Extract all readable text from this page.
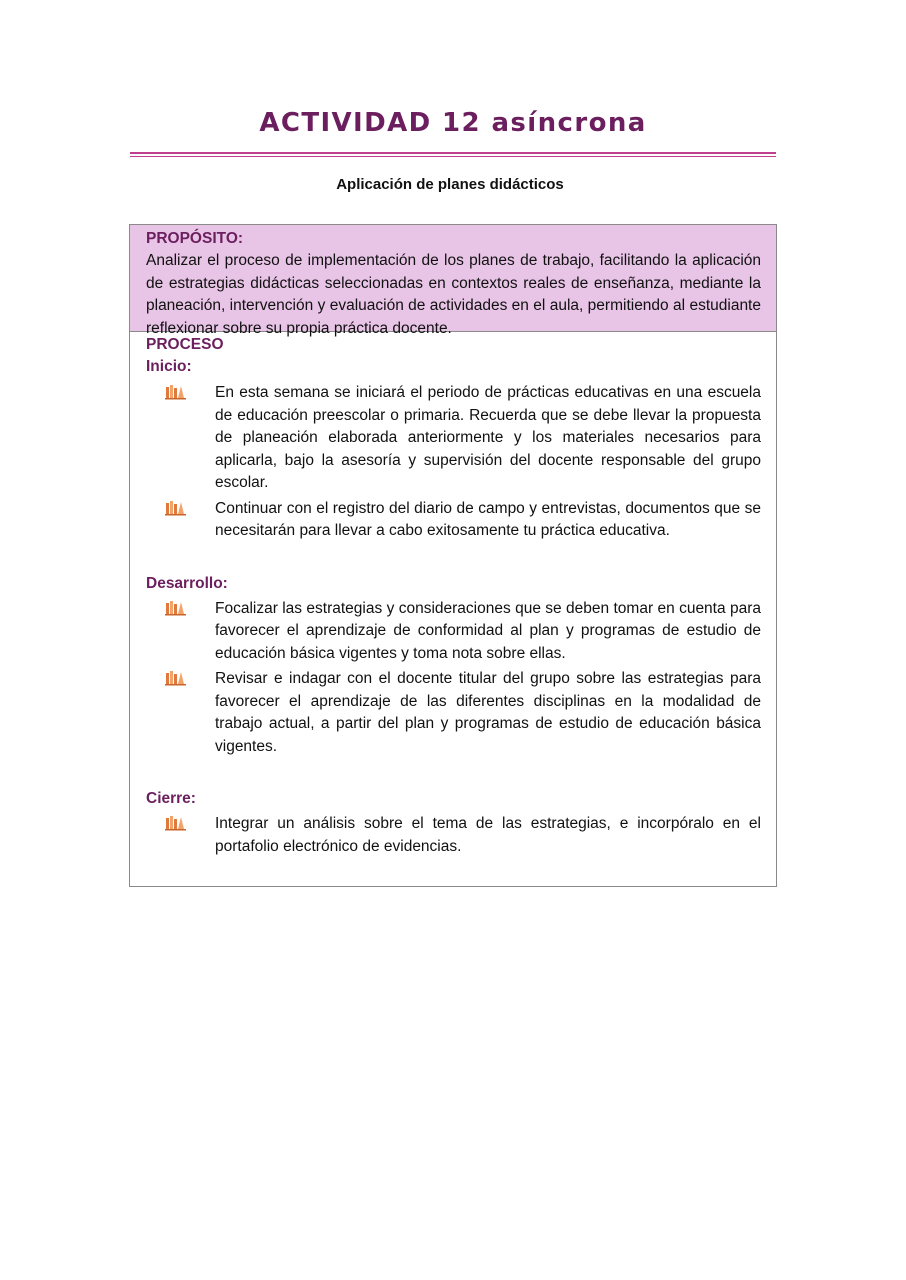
ACTIVIDAD 12 asíncrona

Aplicación de planes didácticos

PROPÓSITO:

Analizar el proceso de implementación de los planes de trabajo, facilitando la aplicación de estrategias didácticas seleccionadas en contextos reales de enseñanza, mediante la planeación, intervención y evaluación de actividades en el aula, permitiendo al estudiante reflexionar sobre su propia práctica docente.

PROCESO
Inicio:
En esta semana se iniciará el periodo de prácticas educativas en una escuela de educación preescolar o primaria. Recuerda que se debe llevar la propuesta de planeación elaborada anteriormente y los materiales necesarios para aplicarla, bajo la asesoría y supervisión del docente responsable del grupo escolar.
Continuar con el registro del diario de campo y entrevistas, documentos que se necesitarán para llevar a cabo exitosamente tu práctica educativa.
Desarrollo:
Focalizar las estrategias y consideraciones que se deben tomar en cuenta para favorecer el aprendizaje de conformidad al plan y programas de estudio de educación básica vigentes y toma nota sobre ellas.
Revisar e indagar con el docente titular del grupo sobre las estrategias para favorecer el aprendizaje de las diferentes disciplinas en la modalidad de trabajo actual, a partir del plan y programas de estudio de educación básica vigentes.
Cierre:
Integrar un análisis sobre el tema de las estrategias, e incorpóralo en el portafolio electrónico de evidencias.
